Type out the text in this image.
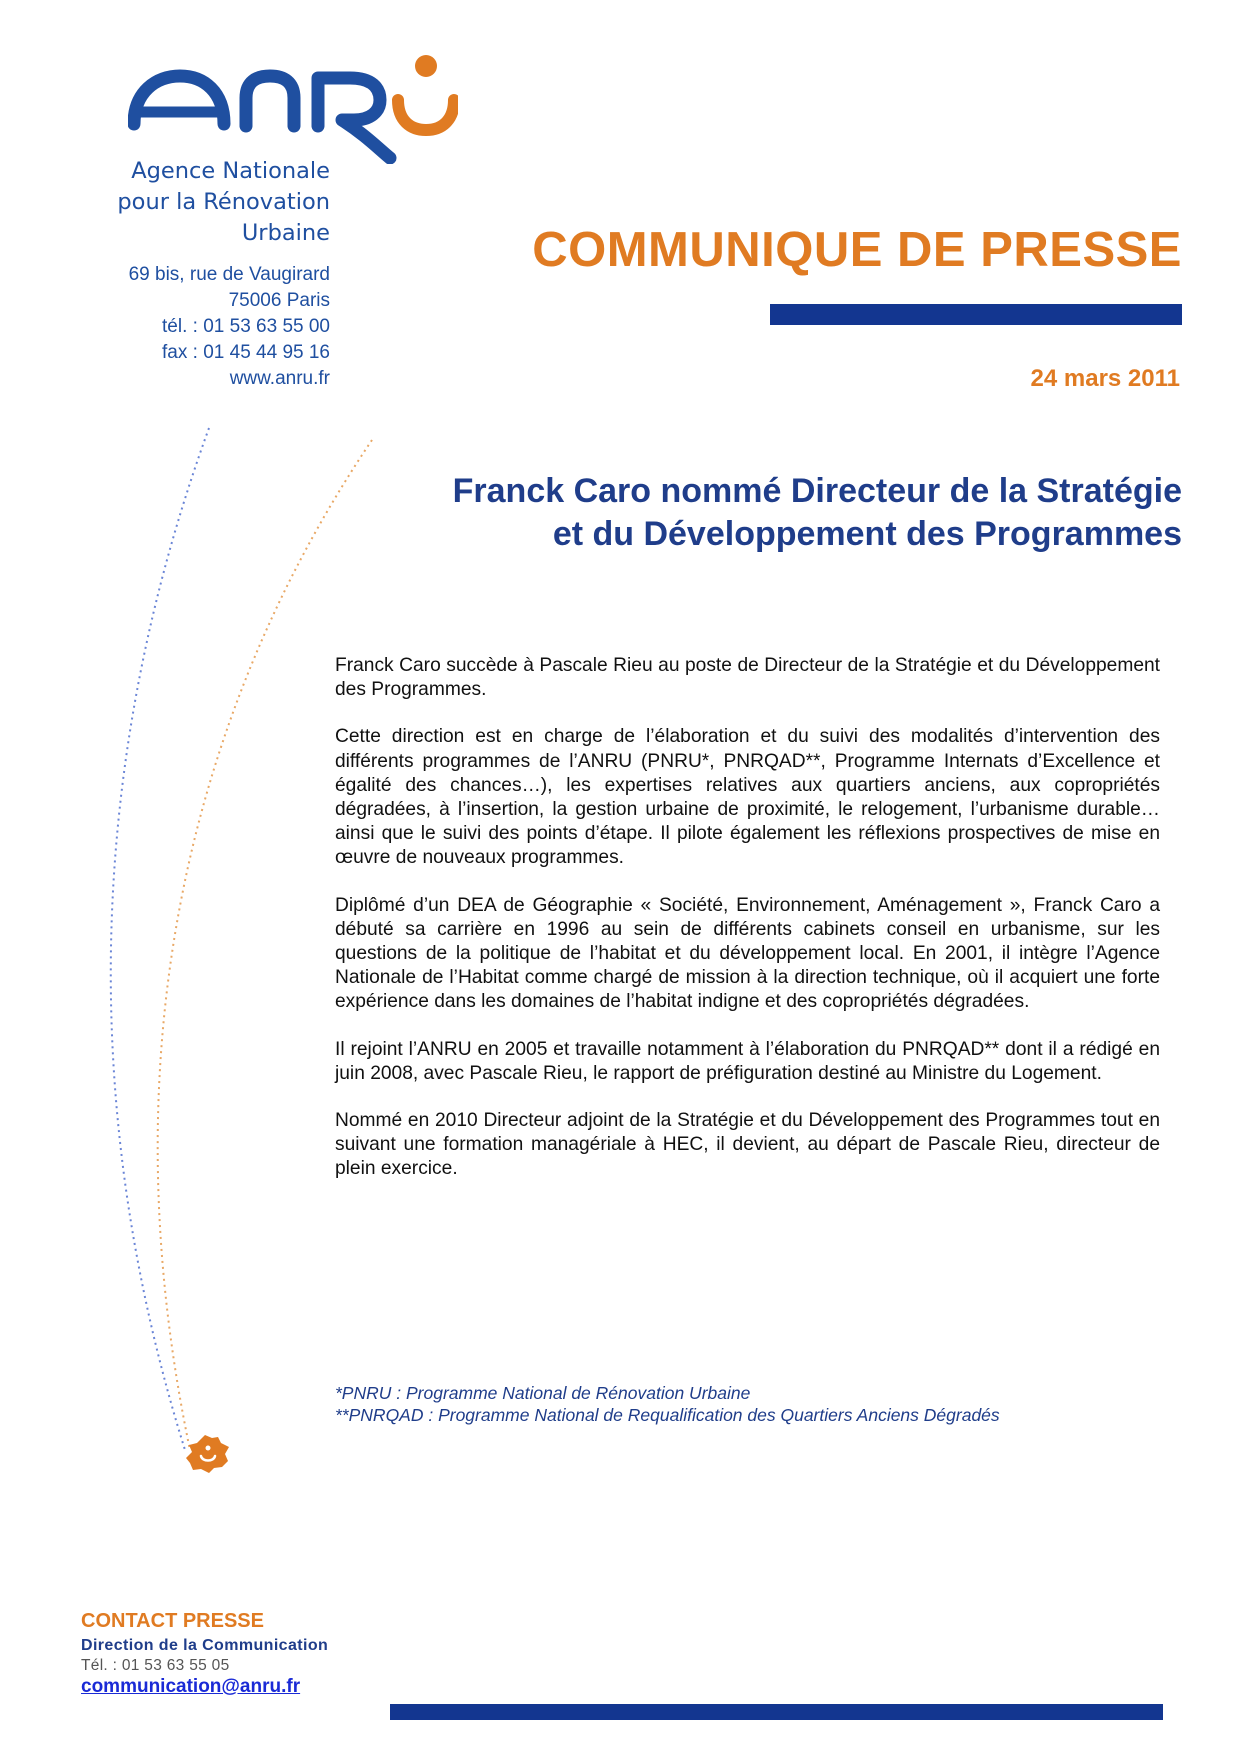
Agence Nationale
pour la Rénovation
Urbaine
69 bis, rue de Vaugirard
75006 Paris
tél. : 01 53 63 55 00
fax : 01 45 44 95 16
www.anru.fr
COMMUNIQUE DE PRESSE
24 mars 2011
Franck Caro nommé Directeur de la Stratégie
et du Développement des Programmes

Franck Caro succède à Pascale Rieu au poste de Directeur de la Stratégie et du Développement des Programmes.

Cette direction est en charge de l’élaboration et du suivi des modalités d’intervention des différents programmes de l’ANRU (PNRU*, PNRQAD**, Programme Internats d’Excellence et égalité des chances…), les expertises relatives aux quartiers anciens, aux copropriétés dégradées, à l’insertion, la gestion urbaine de proximité, le relogement, l’urbanisme durable… ainsi que le suivi des points d’étape. Il pilote également les réflexions prospectives de mise en œuvre de nouveaux programmes.

Diplômé d’un DEA de Géographie « Société, Environnement, Aménagement », Franck Caro a débuté sa carrière en 1996 au sein de différents cabinets conseil en urbanisme, sur les questions de la politique de l’habitat et du développement local. En 2001, il intègre l’Agence Nationale de l’Habitat comme chargé de mission à la direction technique, où il acquiert une forte expérience dans les domaines de l’habitat indigne et des copropriétés dégradées.

Il rejoint l’ANRU en 2005 et travaille notamment à l’élaboration du PNRQAD** dont il a rédigé en juin 2008, avec Pascale Rieu, le rapport de préfiguration destiné au Ministre du Logement.

Nommé en 2010 Directeur adjoint de la Stratégie et du Développement des Programmes tout en suivant une formation managériale à HEC, il devient, au départ de Pascale Rieu, directeur de plein exercice.

*PNRU : Programme National de Rénovation Urbaine
**PNRQAD : Programme National de Requalification des Quartiers Anciens Dégradés
CONTACT PRESSE
Direction de la Communication
Tél. : 01 53 63 55 05
communication@anru.fr
